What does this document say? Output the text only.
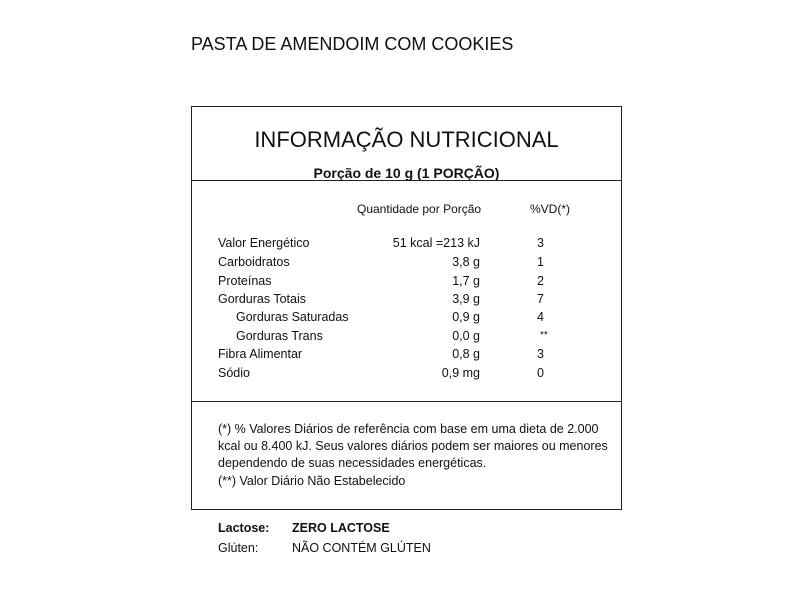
PASTA DE AMENDOIM COM COOKIES
INFORMAÇÃO NUTRICIONAL
Porção de 10 g (1 PORÇÃO)
Quantidade por Porção	%VD(*)
Valor Energético	51 kcal =213 kJ	3
Carboidratos	3,8 g	1
Proteínas	1,7 g	2
Gorduras Totais	3,9 g	7
Gorduras Saturadas	0,9 g	4
Gorduras Trans	0,0 g	**
Fibra Alimentar	0,8 g	3
Sódio	0,9 mg	0
(*) % Valores Diários de referência com base em uma dieta de 2.000 kcal ou 8.400 kJ. Seus valores diários podem ser maiores ou menores dependendo de suas necessidades energéticas.
(**) Valor Diário Não Estabelecido
Lactose: ZERO LACTOSE
Glúten:	NÃO CONTÉM GLÚTEN
